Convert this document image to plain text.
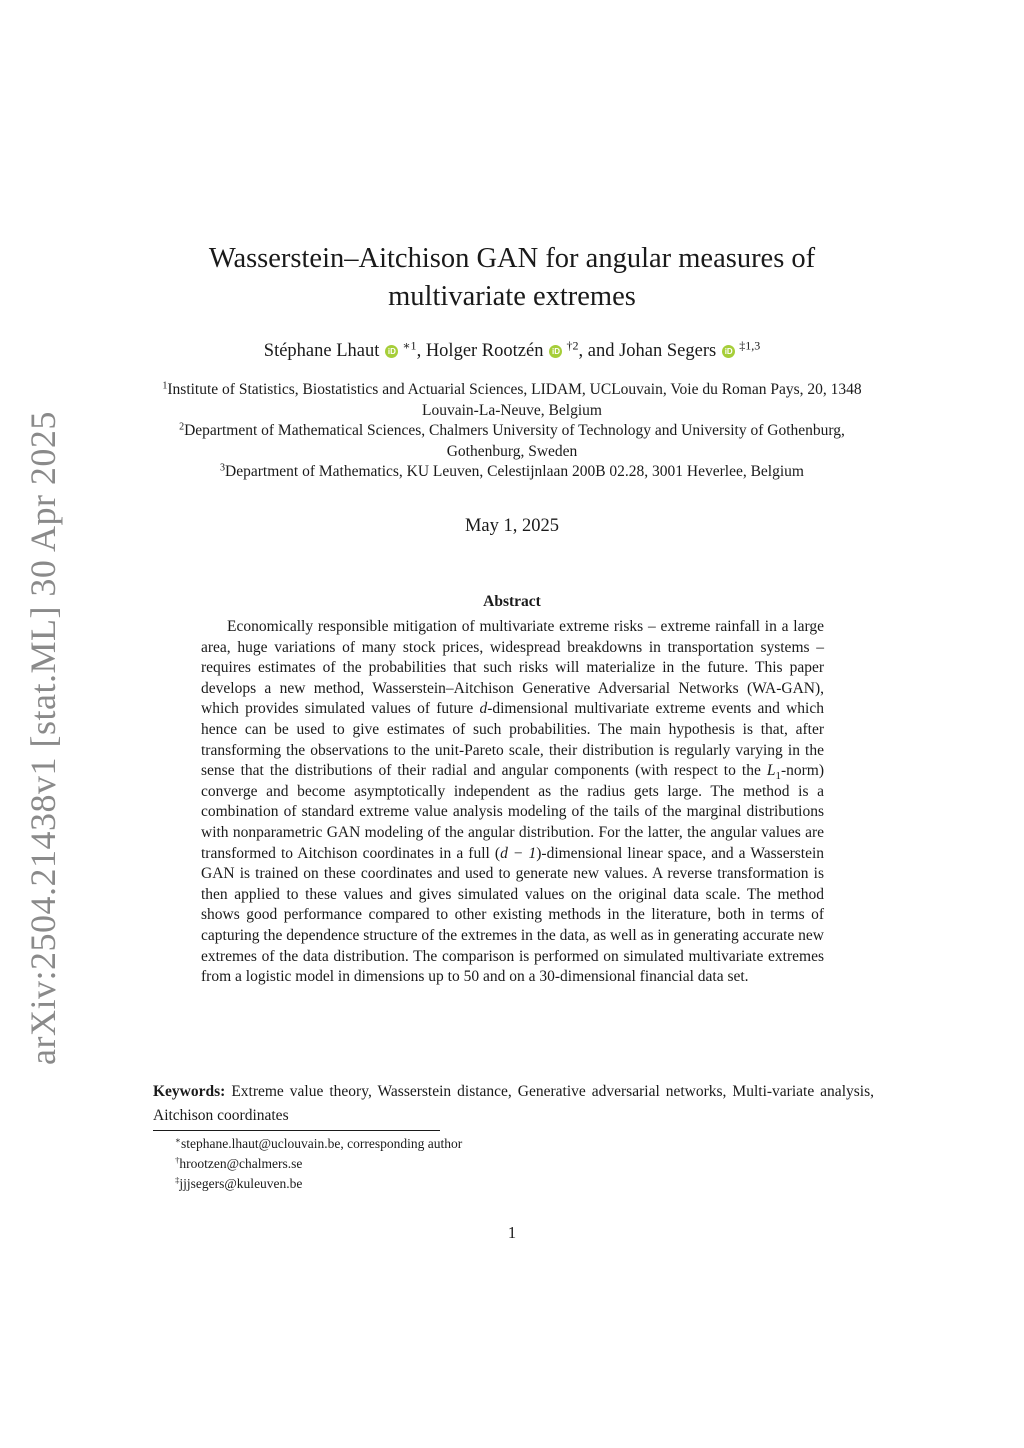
arXiv:2504.21438v1 [stat.ML] 30 Apr 2025
Wasserstein–Aitchison GAN for angular measures of
multivariate extremes
Stéphane Lhaut iD $^{∗1}$, Holger Rootzén iD $^{\dagger 2}$, and Johan Segers iD $^{\ddagger 1,3}$

$^1$Institute of Statistics, Biostatistics and Actuarial Sciences, LIDAM, UCLouvain, Voie du Roman Pays, 20, 1348 Louvain-La-Neuve, Belgium

$^2$Department of Mathematical Sciences, Chalmers University of Technology and University of Gothenburg, Gothenburg, Sweden

$^3$Department of Mathematics, KU Leuven, Celestijnlaan 200B 02.28, 3001 Heverlee, Belgium

May 1, 2025
Abstract

Economically responsible mitigation of multivariate extreme risks – extreme rainfall in a large area, huge variations of many stock prices, widespread breakdowns in transportation systems – requires estimates of the probabilities that such risks will materialize in the future. This paper develops a new method, Wasserstein–Aitchison Generative Adversarial Networks (WA-GAN), which provides simulated values of future d-dimensional multivariate extreme events and which hence can be used to give estimates of such probabilities. The main hypothesis is that, after transforming the observations to the unit-Pareto scale, their distribution is regularly varying in the sense that the distributions of their radial and angular components (with respect to the $L_1-norm$) converge and become asymptotically independent as the radius gets large. The method is a combination of standard extreme value analysis modeling of the tails of the marginal distributions with nonparametric GAN modeling of the angular distribution. For the latter, the angular values are transformed to Aitchison coordinates in a full (d − 1)-dimensional linear space, and a Wasserstein GAN is trained on these coordinates and used to generate new values. A reverse transformation is then applied to these values and gives simulated values on the original data scale. The method shows good performance compared to other existing methods in the literature, both in terms of capturing the dependence structure of the extremes in the data, as well as in generating accurate new extremes of the data distribution. The comparison is performed on simulated multivariate extremes from a logistic model in dimensions up to 50 and on a 30-dimensional financial data set.

Keywords: Extreme value theory, Wasserstein distance, Generative adversarial networks, Multi-variate analysis, Aitchison coordinates

∗stephane.lhaut@uclouvain.be, corresponding author

†hrootzen@chalmers.se

‡jjjsegers@kuleuven.be

1
